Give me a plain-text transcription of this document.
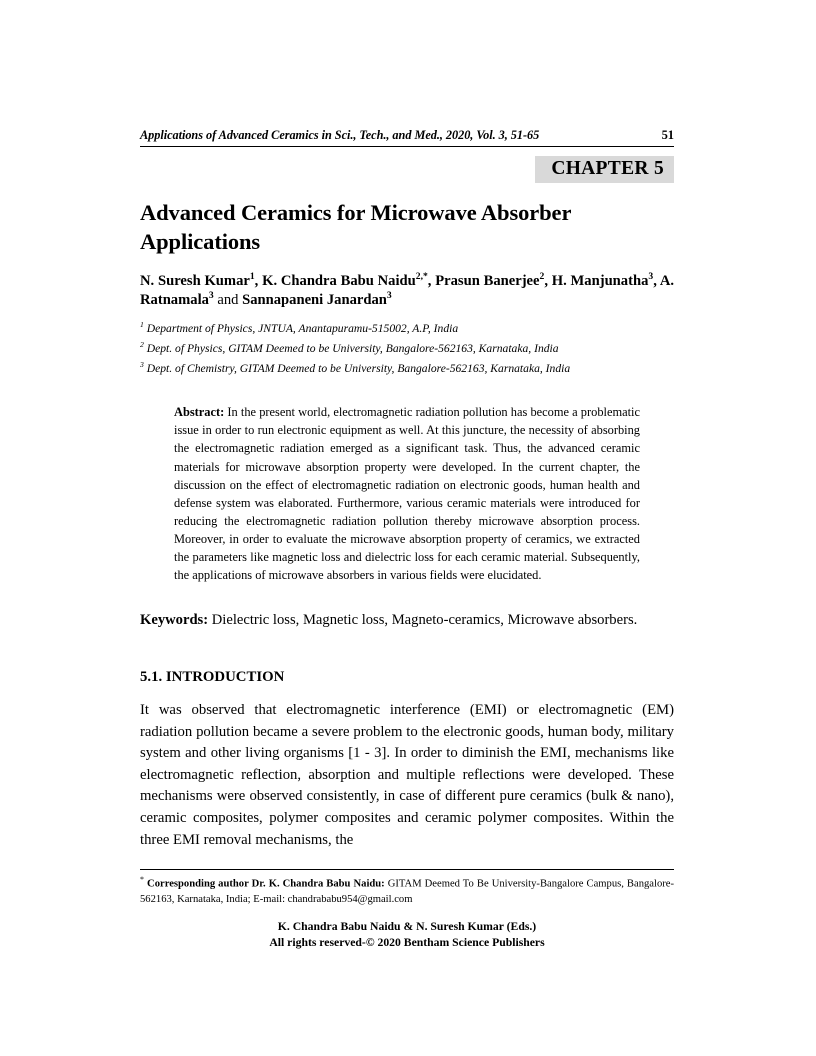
Applications of Advanced Ceramics in Sci., Tech., and Med., 2020, Vol. 3, 51-65	51
CHAPTER 5
Advanced Ceramics for Microwave Absorber
Applications
N. Suresh Kumar$^1$, K. Chandra Babu Naidu$^{2,*}$, Prasun Banerjee$^2$, H. Manjunatha$^3$, A. Ratnamala$^3$ and Sannapaneni Janardan$^3$
$^1$ Department of Physics, JNTUA, Anantapuramu-515002, A.P, India
$^2$ Dept. of Physics, GITAM Deemed to be University, Bangalore-562163, Karnataka, India
$^3$ Dept. of Chemistry, GITAM Deemed to be University, Bangalore-562163, Karnataka, India

Abstract: In the present world, electromagnetic radiation pollution has become a problematic issue in order to run electronic equipment as well. At this juncture, the necessity of absorbing the electromagnetic radiation emerged as a significant task. Thus, the advanced ceramic materials for microwave absorption property were developed. In the current chapter, the discussion on the effect of electromagnetic radiation on electronic goods, human health and defense system was elaborated. Furthermore, various ceramic materials were introduced for reducing the electromagnetic radiation pollution thereby microwave absorption process. Moreover, in order to evaluate the microwave absorption property of ceramics, we extracted the parameters like magnetic loss and dielectric loss for each ceramic material. Subsequently, the applications of microwave absorbers in various fields were elucidated.

Keywords: Dielectric loss, Magnetic loss, Magneto-ceramics, Microwave absorbers.
5.1. INTRODUCTION
It was observed that electromagnetic interference (EMI) or electromagnetic (EM) radiation pollution became a severe problem to the electronic goods, human body, military system and other living organisms [1 - 3]. In order to diminish the EMI, mechanisms like electromagnetic reflection, absorption and multiple reflections were developed. These mechanisms were observed consistently, in case of different pure ceramics (bulk & nano), ceramic composites, polymer composites and ceramic polymer composites. Within the three EMI removal mechanisms, the
* Corresponding author Dr. K. Chandra Babu Naidu: GITAM Deemed To Be University-Bangalore Campus, Bangalore-562163, Karnataka, India; E-mail: chandrababu954@gmail.com
K. Chandra Babu Naidu & N. Suresh Kumar (Eds.)
All rights reserved-© 2020 Bentham Science Publishers
